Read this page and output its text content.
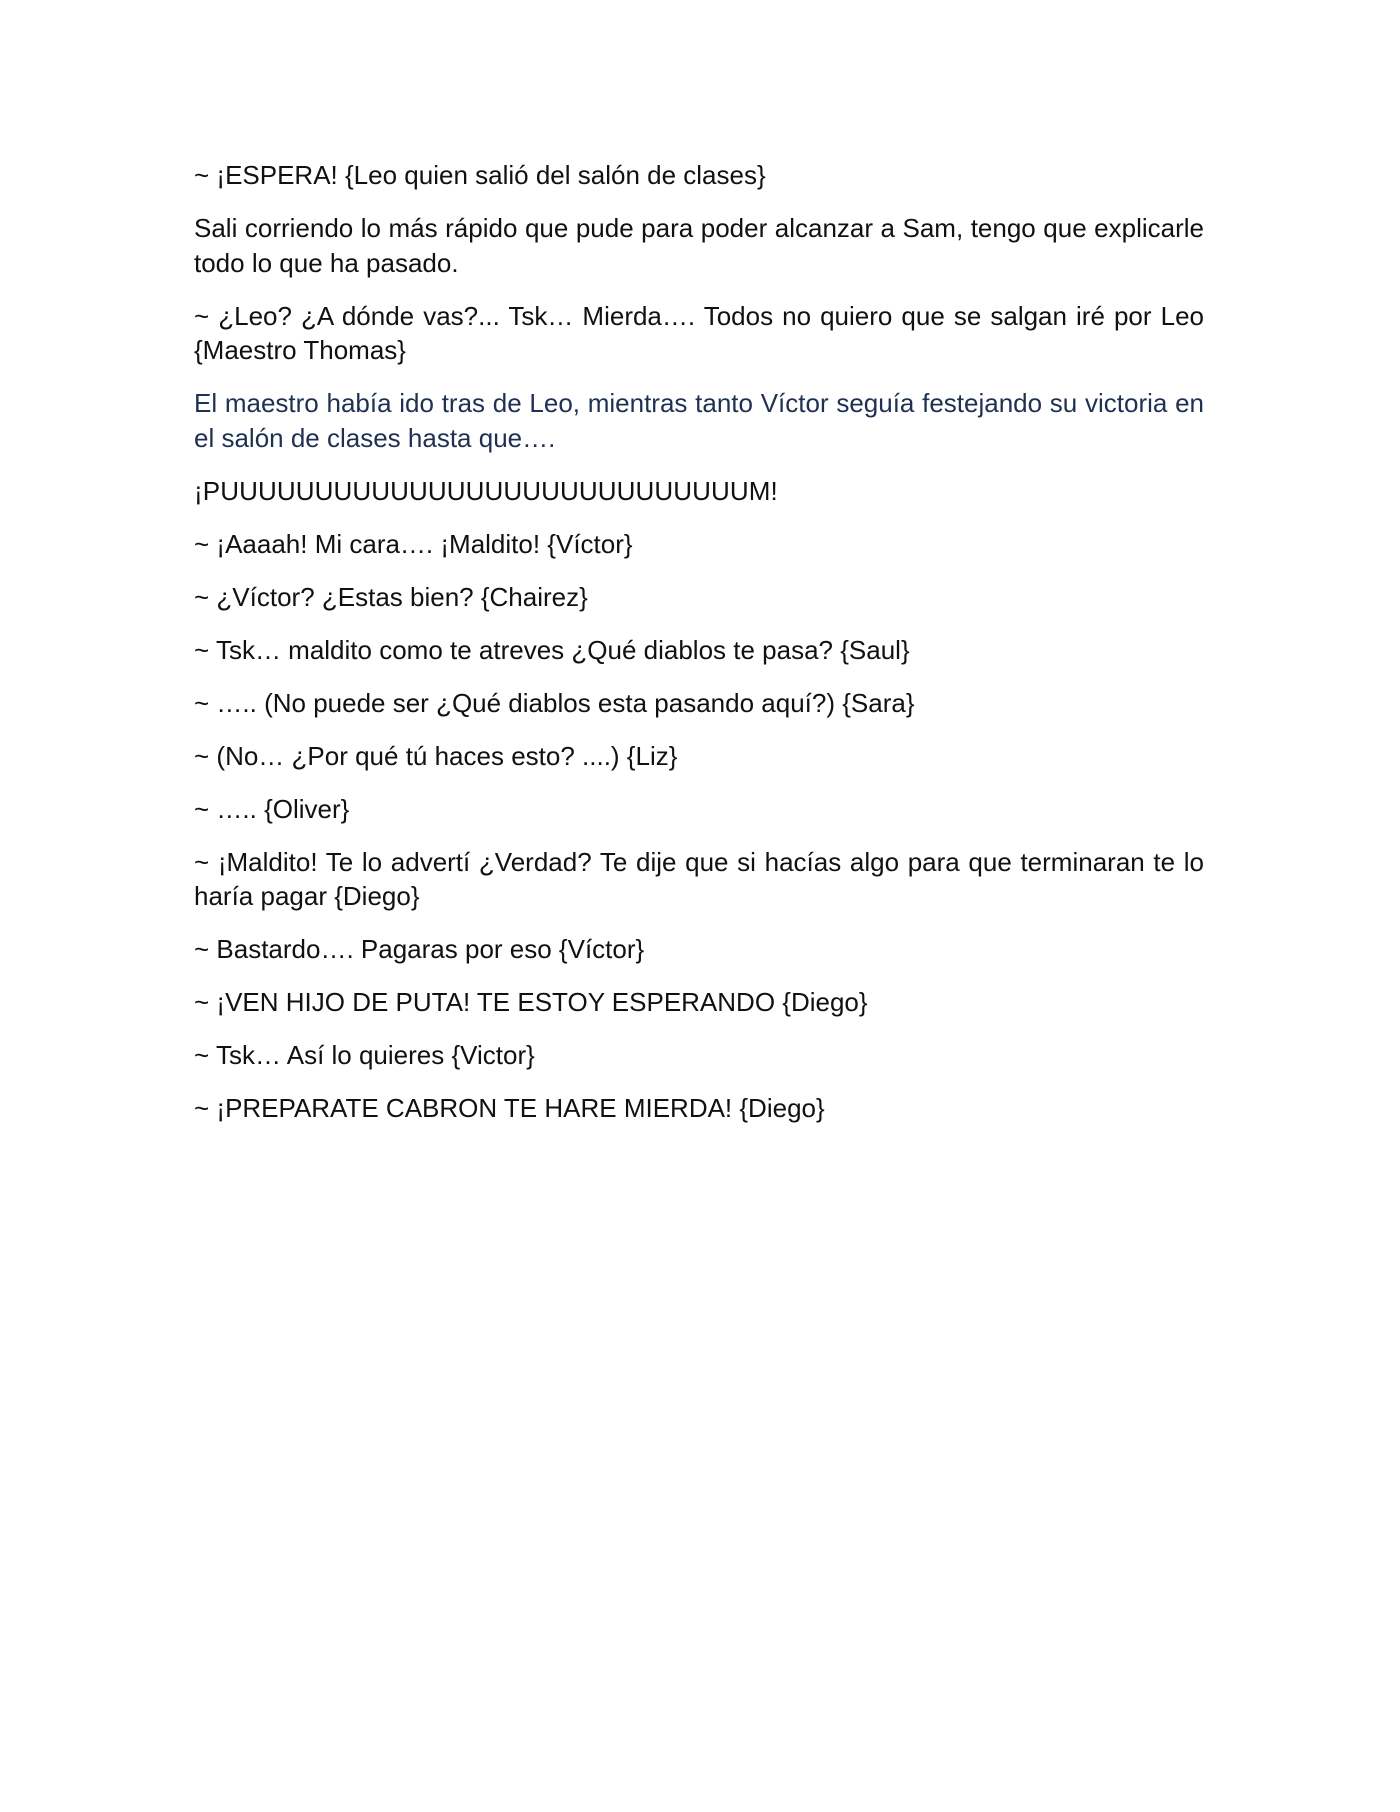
~ ¡ESPERA! {Leo quien salió del salón de clases}

Sali corriendo lo más rápido que pude para poder alcanzar a Sam, tengo que explicarle todo lo que ha pasado.

~ ¿Leo? ¿A dónde vas?... Tsk… Mierda…. Todos no quiero que se salgan iré por Leo {Maestro Thomas}

El maestro había ido tras de Leo, mientras tanto Víctor seguía festejando su victoria en el salón de clases hasta que….

¡PUUUUUUUUUUUUUUUUUUUUUUUUUUUUM!

~ ¡Aaaah! Mi cara…. ¡Maldito! {Víctor}

~ ¿Víctor? ¿Estas bien? {Chairez}

~ Tsk… maldito como te atreves ¿Qué diablos te pasa? {Saul}

~ ….. (No puede ser ¿Qué diablos esta pasando aquí?) {Sara}

~ (No… ¿Por qué tú haces esto? ....) {Liz}

~ ….. {Oliver}

~ ¡Maldito! Te lo advertí ¿Verdad? Te dije que si hacías algo para que terminaran te lo haría pagar {Diego}

~ Bastardo…. Pagaras por eso {Víctor}

~ ¡VEN HIJO DE PUTA! TE ESTOY ESPERANDO {Diego}

~ Tsk… Así lo quieres {Victor}

~ ¡PREPARATE CABRON TE HARE MIERDA! {Diego}
